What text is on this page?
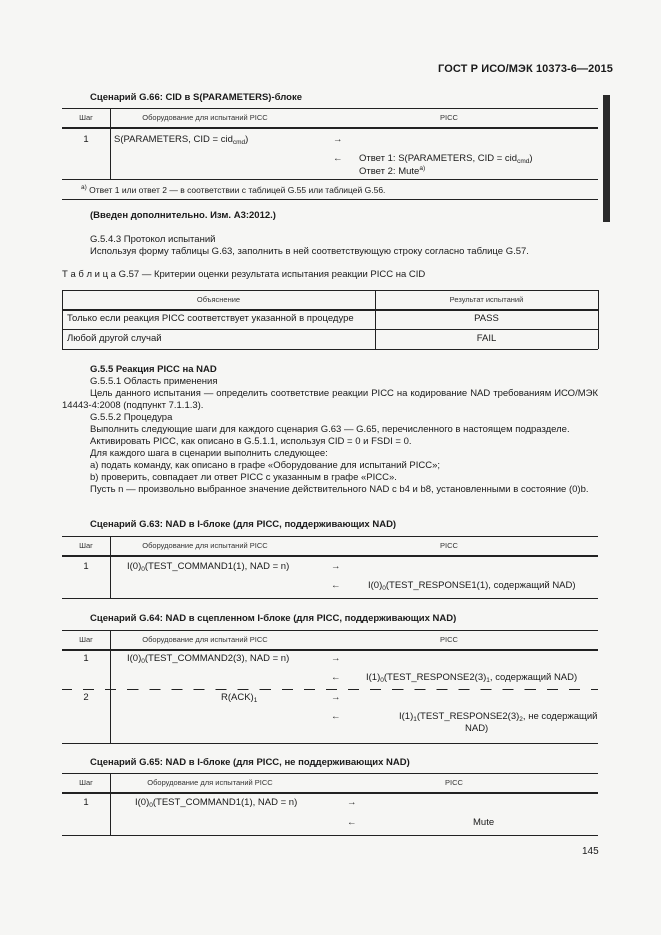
ГОСТ Р ИСО/МЭК 10373-6—2015
Сценарий G.66: CID в S(PARAMETERS)-блоке
Шаг	Оборудование для испытаний PICC	PICC
1	S(PARAMETERS, CID = cid$_{cmd}$)	→
← Ответ 1: S(PARAMETERS, CID = cid$_{cmd}$)
Ответ 2: Mute$^{a)}$
$^{a)}$ Ответ 1 или ответ 2 — в соответствии с таблицей G.55 или таблицей G.56.
(Введен дополнительно. Изм. А3:2012.)
G.5.4.3 Протокол испытаний
Используя форму таблицы G.63, заполнить в ней соответствующую строку согласно таблице G.57.
Т а б л и ц а G.57 — Критерии оценки результата испытания реакции PICC на CID
Объяснение	Результат испытаний
Только если реакция PICC соответствует указанной в процедуре	PASS
Любой другой случай	FAIL
G.5.5 Реакция PICC на NAD
G.5.5.1 Область применения
Цель данного испытания — определить соответствие реакции PICC на кодирование NAD требованиям ИСО/МЭК 14443-4:2008 (подпункт 7.1.1.3).
G.5.5.2 Процедура
Выполнить следующие шаги для каждого сценария G.63 — G.65, перечисленного в настоящем подразделе.
Активировать PICC, как описано в G.5.1.1, используя CID = 0 и FSDI = 0.
Для каждого шага в сценарии выполнить следующее:
a) подать команду, как описано в графе «Оборудование для испытаний PICC»;
b) проверить, совпадает ли ответ PICC с указанным в графе «PICC».
Пусть n — произвольно выбранное значение действительного NAD с b4 и b8, установленными в состояние (0)b.
Сценарий G.63: NAD в I-блоке (для PICC, поддерживающих NAD)
Шаг	Оборудование для испытаний PICC	PICC
1	$I(0)_0(TEST\_COMMAND1(1)$, NAD = n)	→
←	$I(0)_0(TEST\_RESPONSE1(1)$, содержащий NAD)
Сценарий G.64: NAD в сцепленном I-блоке (для PICC, поддерживающих NAD)
Шаг	Оборудование для испытаний PICC	PICC
1	$I(0)_0(TEST\_COMMAND2(3)$, NAD = n)	→
←	$I(1)_0(TEST\_RESPONSE2(3)_1$, содержащий NAD)
2	$R(ACK)_1$	→
←	$I(1)_1(TEST\_RESPONSE2(3)_2$, не содержащий
NAD)
Сценарий G.65: NAD в I-блоке (для PICC, не поддерживающих NAD)
Шаг	Оборудование для испытаний PICC	PICC
1	$I(0)_0(TEST\_COMMAND1(1)$, NAD = n)	→
←	Mute
145
